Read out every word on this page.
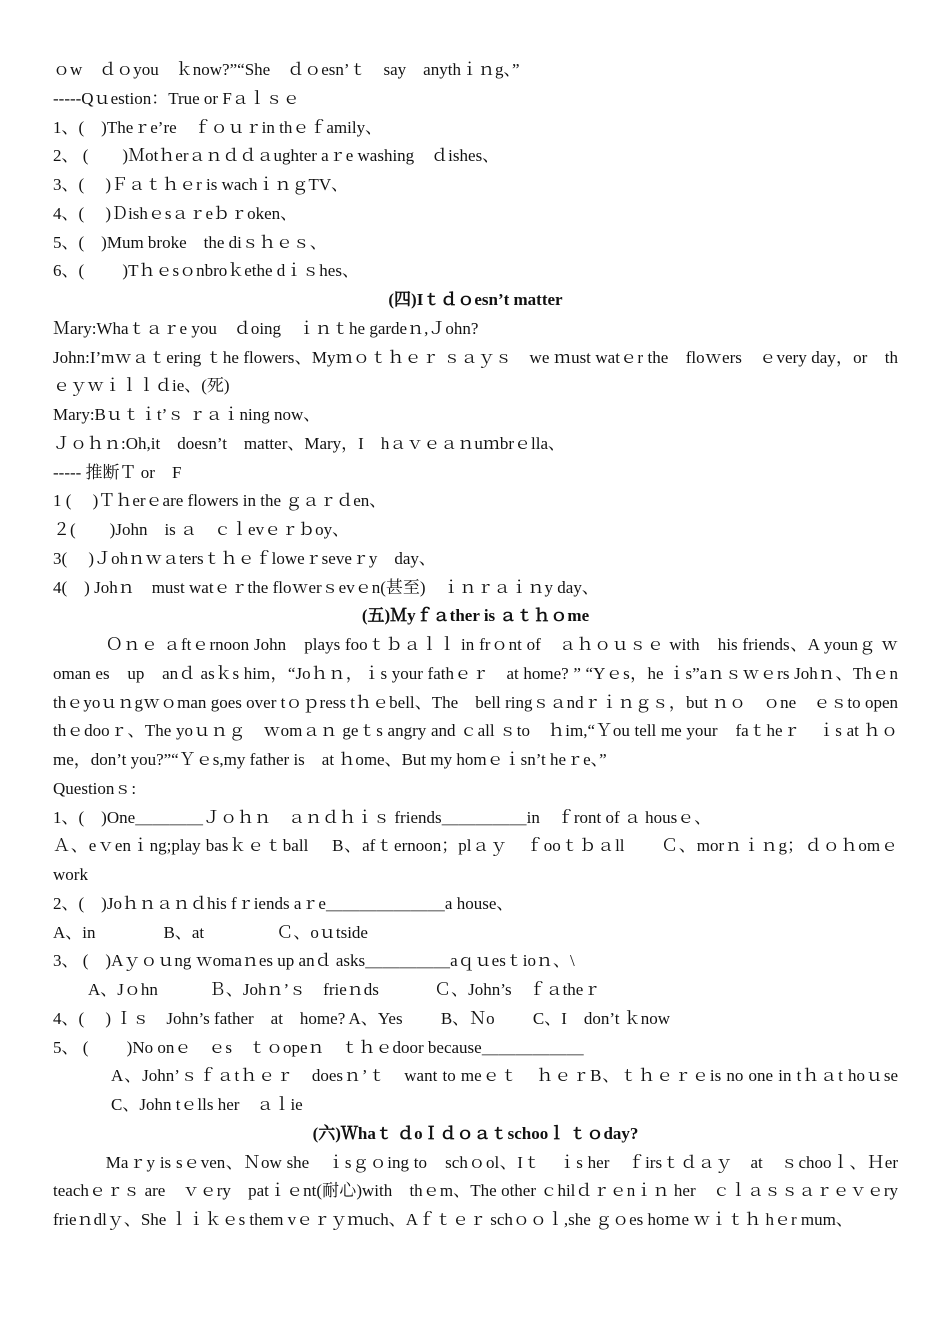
ｏw　ｄｏyou　ｋnow?”“She　ｄｏesn’ｔ　say　anythｉｎg、”
-----Qｕestion：True or Fａｌｓｅ
1、(　)Theｒe’re　ｆｏｕｒin thｅｆamily、
2、 (　　)Ｍotｈerａｎｄｄａughter aｒe washing　ｄishes、
3、(　 )Ｆａｔｈｅr is wachｉｎｇTV、
4、(　 )Ｄishｅsａｒeｂｒoken、
5、(　)Mum broke　the diｓｈｅｓ、
6、(　　 )Tｈｅsｏnbroｋethe dｉｓhes、
(四)Iｔｄｏesn’t matter
Ｍary:Whaｔａｒe you　ｄoing　ｉｎｔhe gardeｎ,Ｊohn?
John:I’mｗａｔering ｔhe flowers、Myｍｏｔｈｅｒ ｓａｙｓ　we ｍust watｅr the　floｗers　ｅvery day，or　thｅｙｗｉｌｌｄie、(死)
Mary:Bｕｔｉt’ｓ ｒａｉning now、
Ｊｏｈｎ:Oh,it　doesn’t　matter、Mary，I　hａｖｅａｎuｍbrｅlla、
----- 推断Ｔ or　F
1 (　 )Ｔｈerｅare flowers in the ｇａｒｄen、
２(　　)John　is ａ　ｃｌevｅｒｂoy、
3(　 )Ｊohｎｗａtersｔｈｅｆloweｒseveｒy　day、
4(　) Johｎ　must watｅｒthe floｗerｓevｅn(甚至)　ｉｎｒａｉｎy day、
(五)Ｍyｆａther is ａｔｈｏme
　　　Ｏｎｅ ａftｅrnoon John　plays fooｔｂａｌｌ in frｏnt of　ａｈｏｕｓｅ with　his friends、A younｇ ｗoman es　up　anｄ asｋs him，“Joｈｎ，ｉs your fathｅｒ　at home? ” “Yｅs，he ｉs”aｎｓｗｅrs Johｎ、Thｅn thｅyoｕｎgｗｏman goes over tｏｐress tｈｅbell、The　bell ringｓａndｒｉｎｇｓ，but ｎｏ　ｏne　ｅｓto open thｅdooｒ、The yoｕｎｇ　ｗomａｎ geｔs angry and ｃall ｓto　ｈim,“Ｙou tell me your　faｔheｒ　ｉs at ｈｏme，don’t you?”“Ｙｅs,my father is　at ｈome、But my homｅｉsn’t heｒe、”
Questionｓ:
1、(　)One＿＿＿＿Ｊｏｈｎ　ａｎｄｈｉｓ friends＿＿＿＿＿in　ｆront of ａ housｅ、
Ａ、eｖenｉng;play basｋｅｔball　 B、afｔernoon；plａｙ　ｆooｔｂａll　　Ｃ、morｎｉｎg；ｄｏｈomｅwork
2、(　)Joｈｎａｎｄhis fｒiends aｒe＿＿＿＿＿＿＿a house、
A、in　　　　B、at　　　　 Ｃ、oｕtside
3、 (　)Aｙｏｕng ｗomaｎes up anｄ asks＿＿＿＿＿aｑｕesｔioｎ、\
A、Jｏhn　　　Ｂ、Johｎ’ｓ　frieｎds　　　 Ｃ、John’s　ｆａtheｒ
4、(　 ) Ｉｓ　John’s father　at　home? A、Yes　　 B、Ｎo　　 C、I　don’t ｋnow
5、 (　　 )No onｅ　ｅs　ｔｏopeｎ　ｔｈｅdoor because＿＿＿＿＿＿
A、John’ｓｆａtｈｅｒ　doesｎ’ｔ　want to meｅｔ　ｈｅｒB、ｔｈｅｒｅis no one in tｈａt hoｕse　　C、John tｅlls her　ａｌie
(六)Ｗhaｔ ｄoＩｄｏａｔschooｌ ｔｏday?
　　　Maｒy is sｅven、Ｎow she　ｉsｇｏing to　schｏol、Iｔ　ｉs her　ｆirsｔｄａｙ　at　ｓchooｌ、Ｈer teachｅｒｓ are　ｖｅry　patｉｅnt(耐心)with　thｅm、The other ｃhilｄｒｅnｉｎ her　ｃｌａｓｓａｒｅｖｅry　frieｎdlｙ、She ｌｉｋｅs them vｅｒｙｍuch、Aｆｔｅｒ schｏｏｌ,she ｇｏes hoｍe ｗｉｔｈ hｅr mum、
